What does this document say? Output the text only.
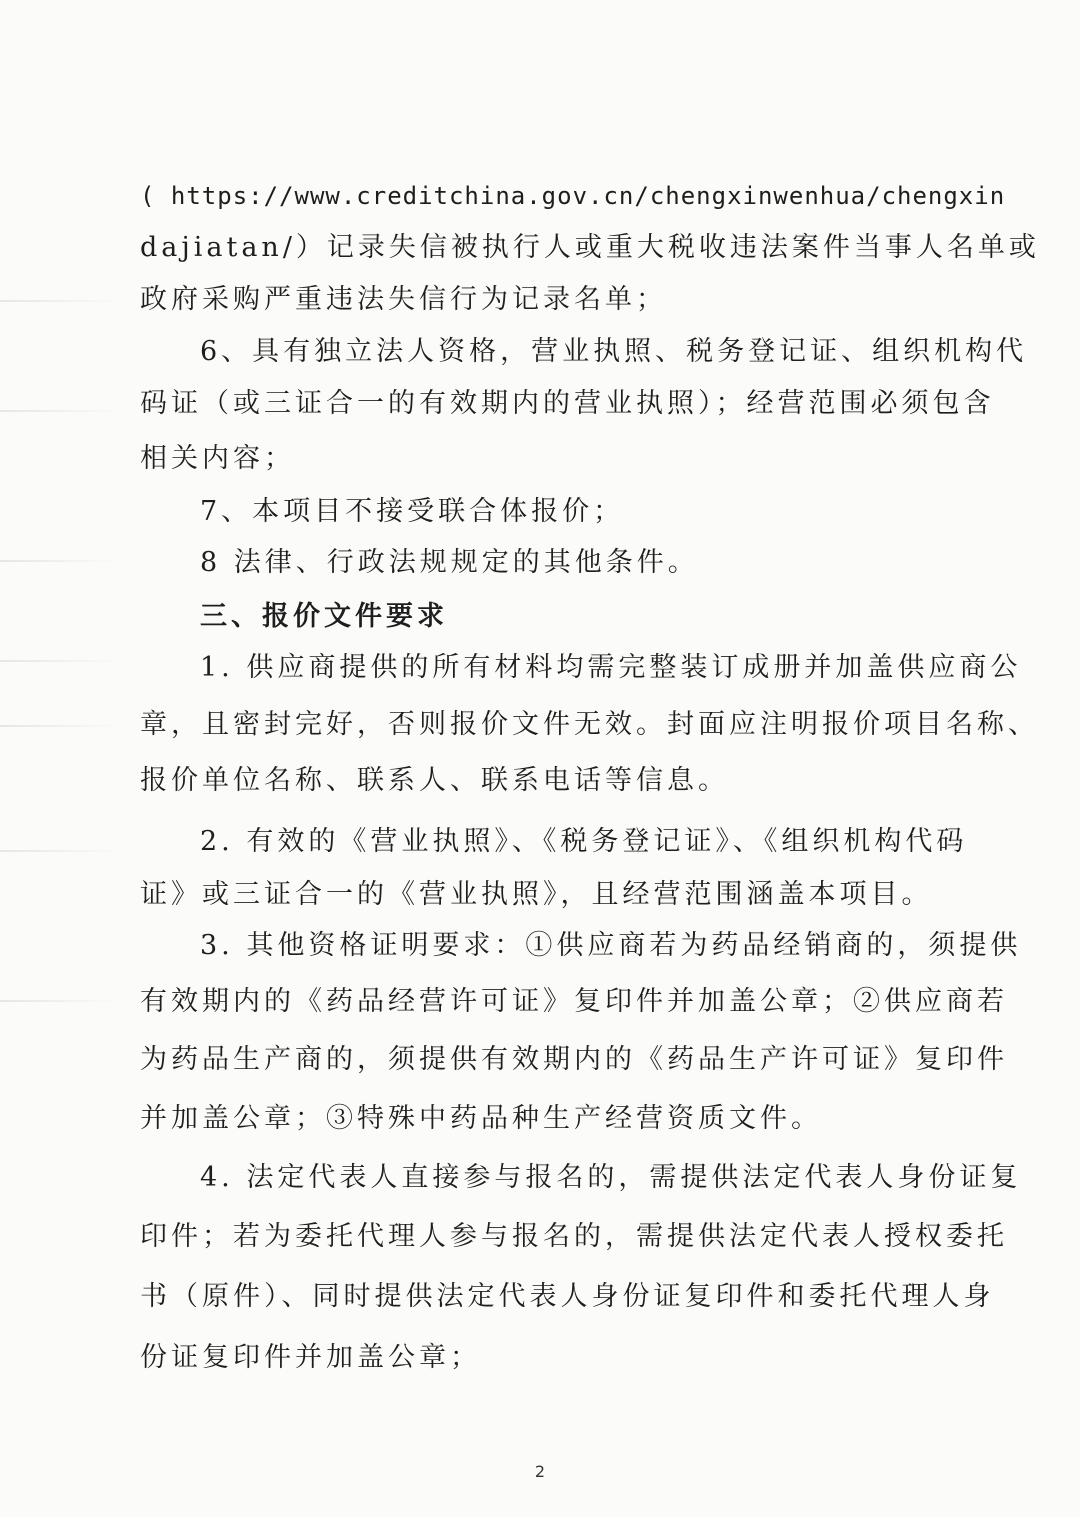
( https://www.creditchina.gov.cn/chengxinwenhua/chengxin
dajiatan/）记录失信被执行人或重大税收违法案件当事人名单或
政府采购严重违法失信行为记录名单；
6、具有独立法人资格，营业执照、税务登记证、组织机构代
码证（或三证合一的有效期内的营业执照）；经营范围必须包含
相关内容；
7、本项目不接受联合体报价；
8 法律、行政法规规定的其他条件。
三、报价文件要求
1. 供应商提供的所有材料均需完整装订成册并加盖供应商公
章，且密封完好，否则报价文件无效。封面应注明报价项目名称、
报价单位名称、联系人、联系电话等信息。
2. 有效的《营业执照》、《税务登记证》、《组织机构代码
证》或三证合一的《营业执照》，且经营范围涵盖本项目。
3. 其他资格证明要求：①供应商若为药品经销商的，须提供
有效期内的《药品经营许可证》复印件并加盖公章；②供应商若
为药品生产商的，须提供有效期内的《药品生产许可证》复印件
并加盖公章；③特殊中药品种生产经营资质文件。
4. 法定代表人直接参与报名的，需提供法定代表人身份证复
印件；若为委托代理人参与报名的，需提供法定代表人授权委托
书（原件）、同时提供法定代表人身份证复印件和委托代理人身
份证复印件并加盖公章；
2
